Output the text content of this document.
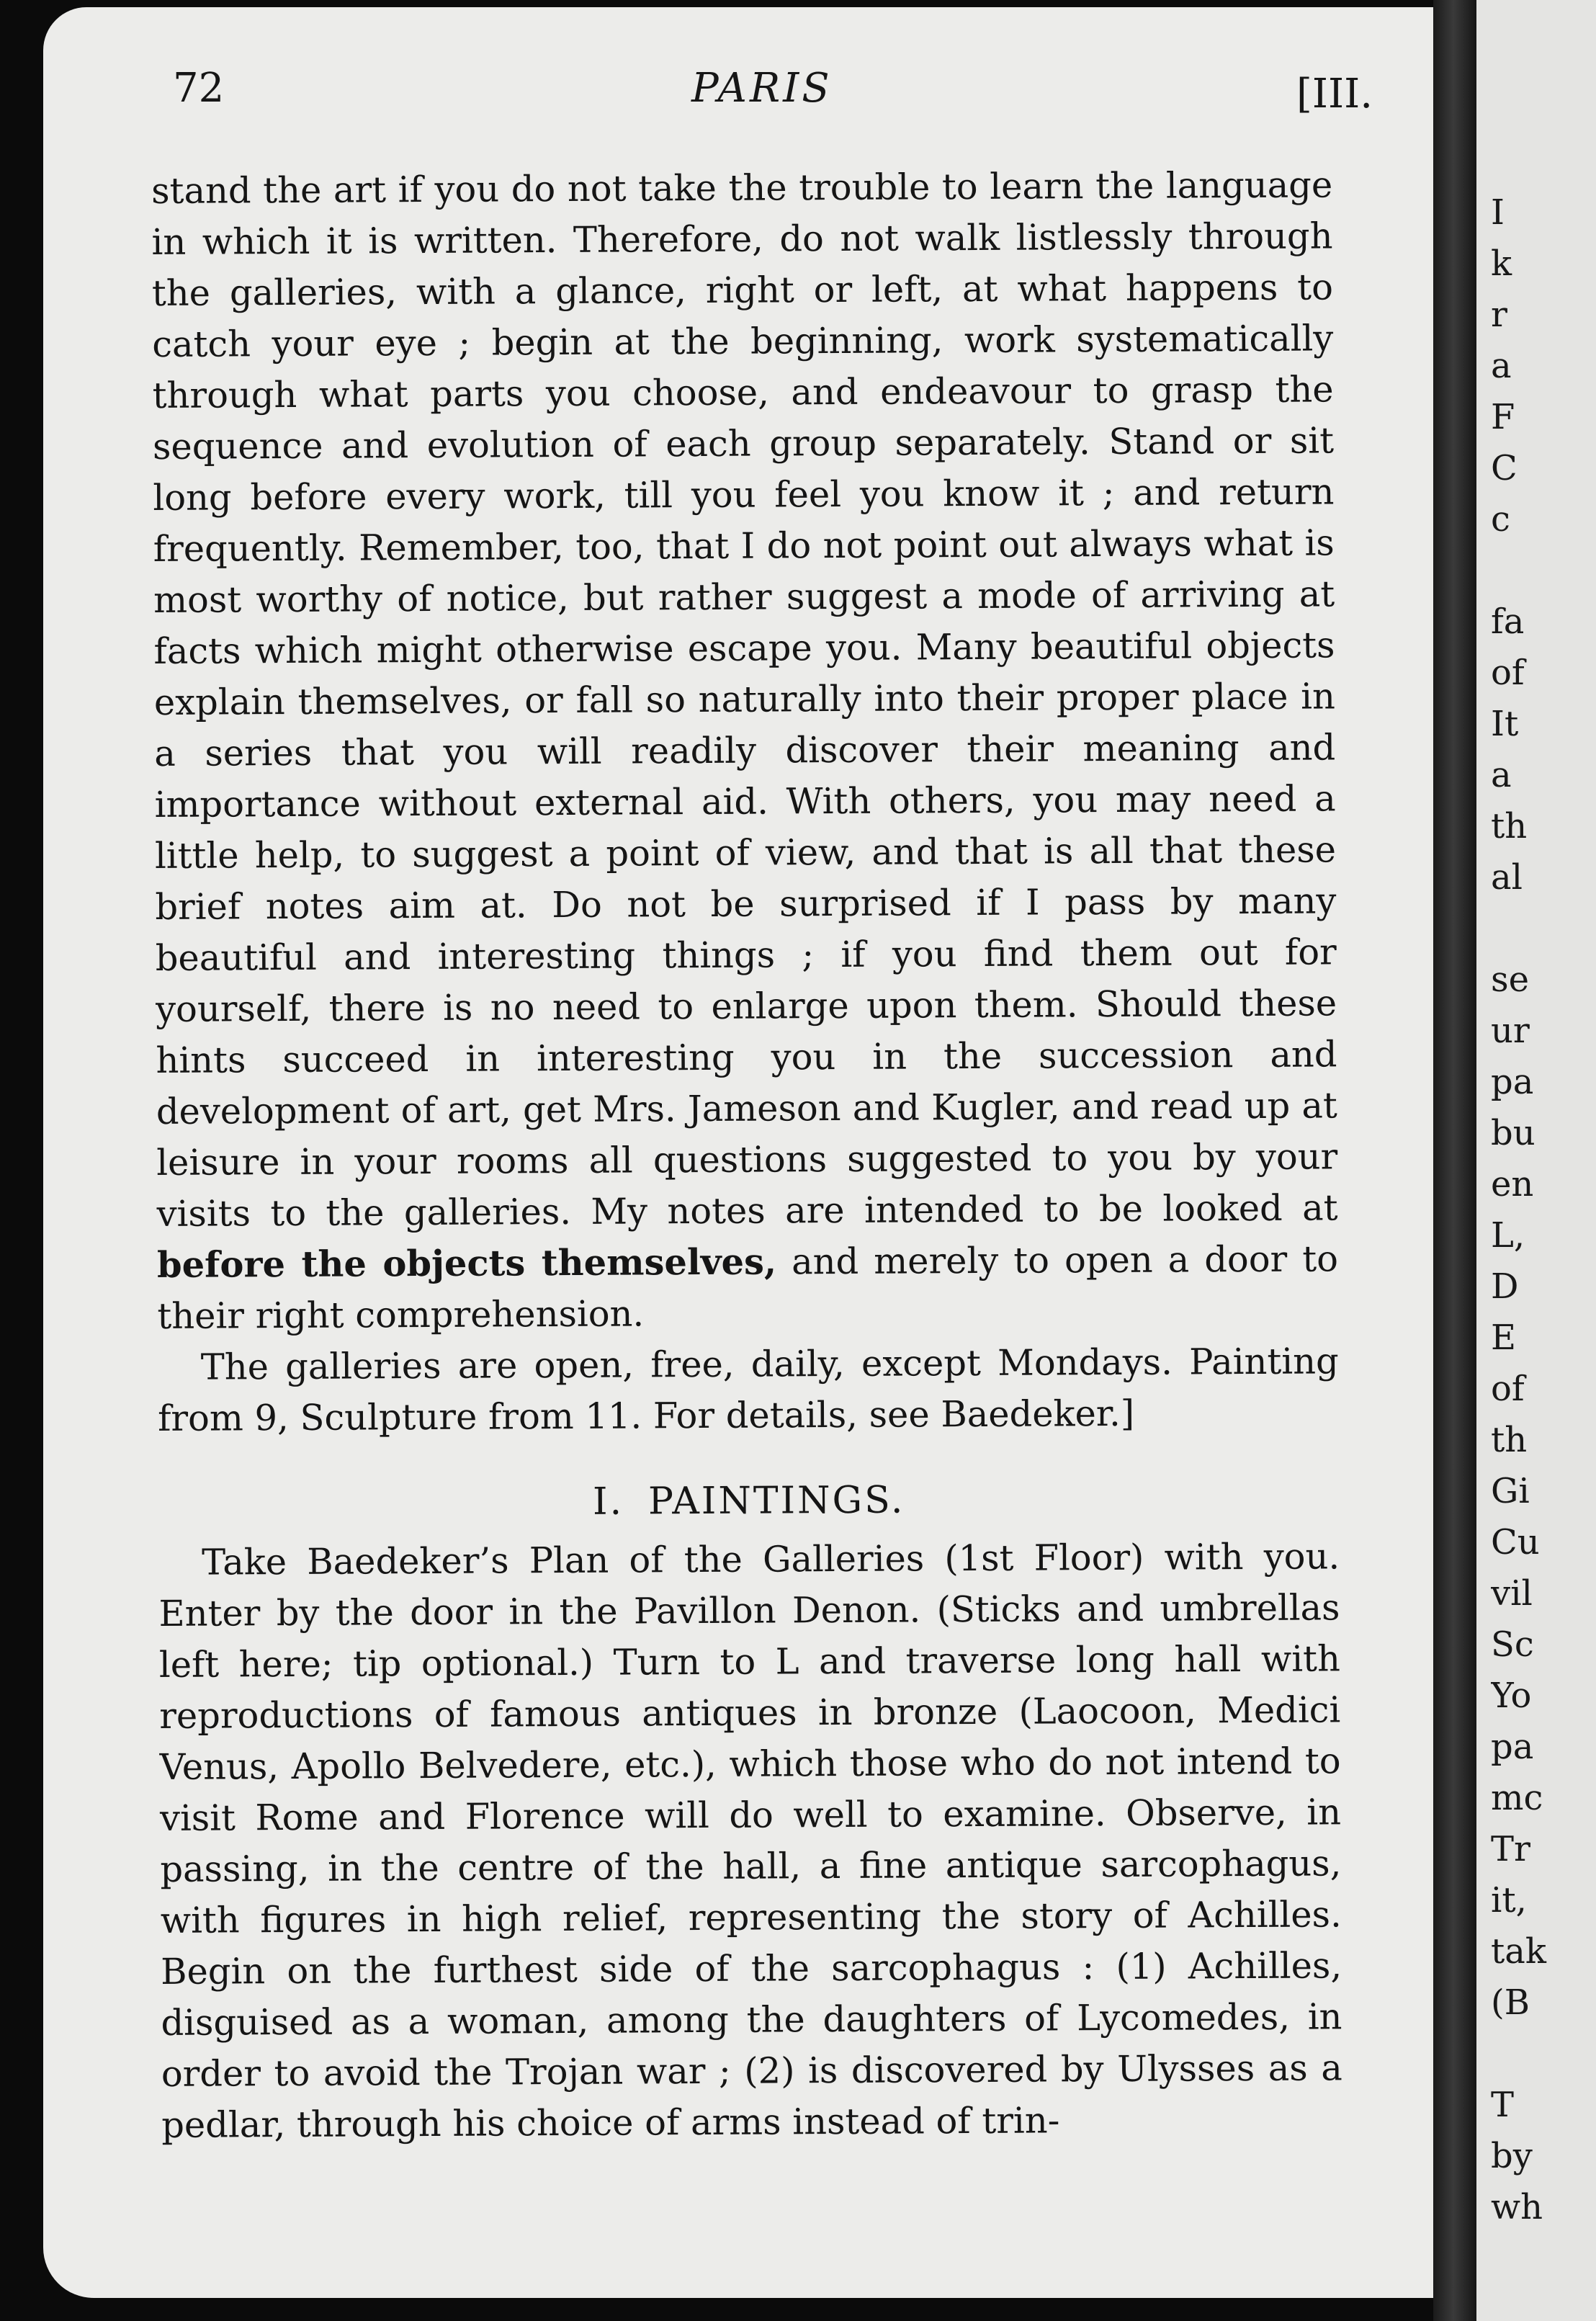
72	PARIS	[III.

stand the art if you do not take the trouble to learn the language in which it is written. Therefore, do not walk listlessly through the galleries, with a glance, right or left, at what happens to catch your eye ; begin at the beginning, work systematically through what parts you choose, and endeavour to grasp the sequence and evolution of each group separately. Stand or sit long before every work, till you feel you know it ; and return frequently. Remember, too, that I do not point out always what is most worthy of notice, but rather suggest a mode of arriving at facts which might otherwise escape you. Many beautiful objects explain themselves, or fall so naturally into their proper place in a series that you will readily discover their meaning and importance without external aid. With others, you may need a little help, to suggest a point of view, and that is all that these brief notes aim at. Do not be surprised if I pass by many beautiful and interesting things ; if you find them out for yourself, there is no need to enlarge upon them. Should these hints succeed in interesting you in the succession and development of art, get Mrs. Jameson and Kugler, and read up at leisure in your rooms all questions suggested to you by your visits to the galleries. My notes are intended to be looked at before the objects themselves, and merely to open a door to their right comprehension.

The galleries are open, free, daily, except Mondays. Painting from 9, Sculpture from 11. For details, see Baedeker.]

I. PAINTINGS.

Take Baedeker’s Plan of the Galleries (1st Floor) with you. Enter by the door in the Pavillon Denon. (Sticks and umbrellas left here; tip optional.) Turn to L and traverse long hall with reproductions of famous antiques in bronze (Laocoon, Medici Venus, Apollo Belvedere, etc.), which those who do not intend to visit Rome and Florence will do well to examine. Observe, in passing, in the centre of the hall, a fine antique sarcophagus, with figures in high relief, representing the story of Achilles. Begin on the furthest side of the sarcophagus : (1) Achilles, disguised as a woman, among the daughters of Lycomedes, in order to avoid the Trojan war ; (2) is discovered by Ulysses as a pedlar, through his choice of arms instead of trin-

I
k
r
a
F
C
c
fa
of
It
a
th
al
se
ur
pa
bu
en
L,
D
E
of
th
Gi
Cu
vil
Sc
Yo
pa
mc
Tr
it,
tak
(B
T
by
wh
